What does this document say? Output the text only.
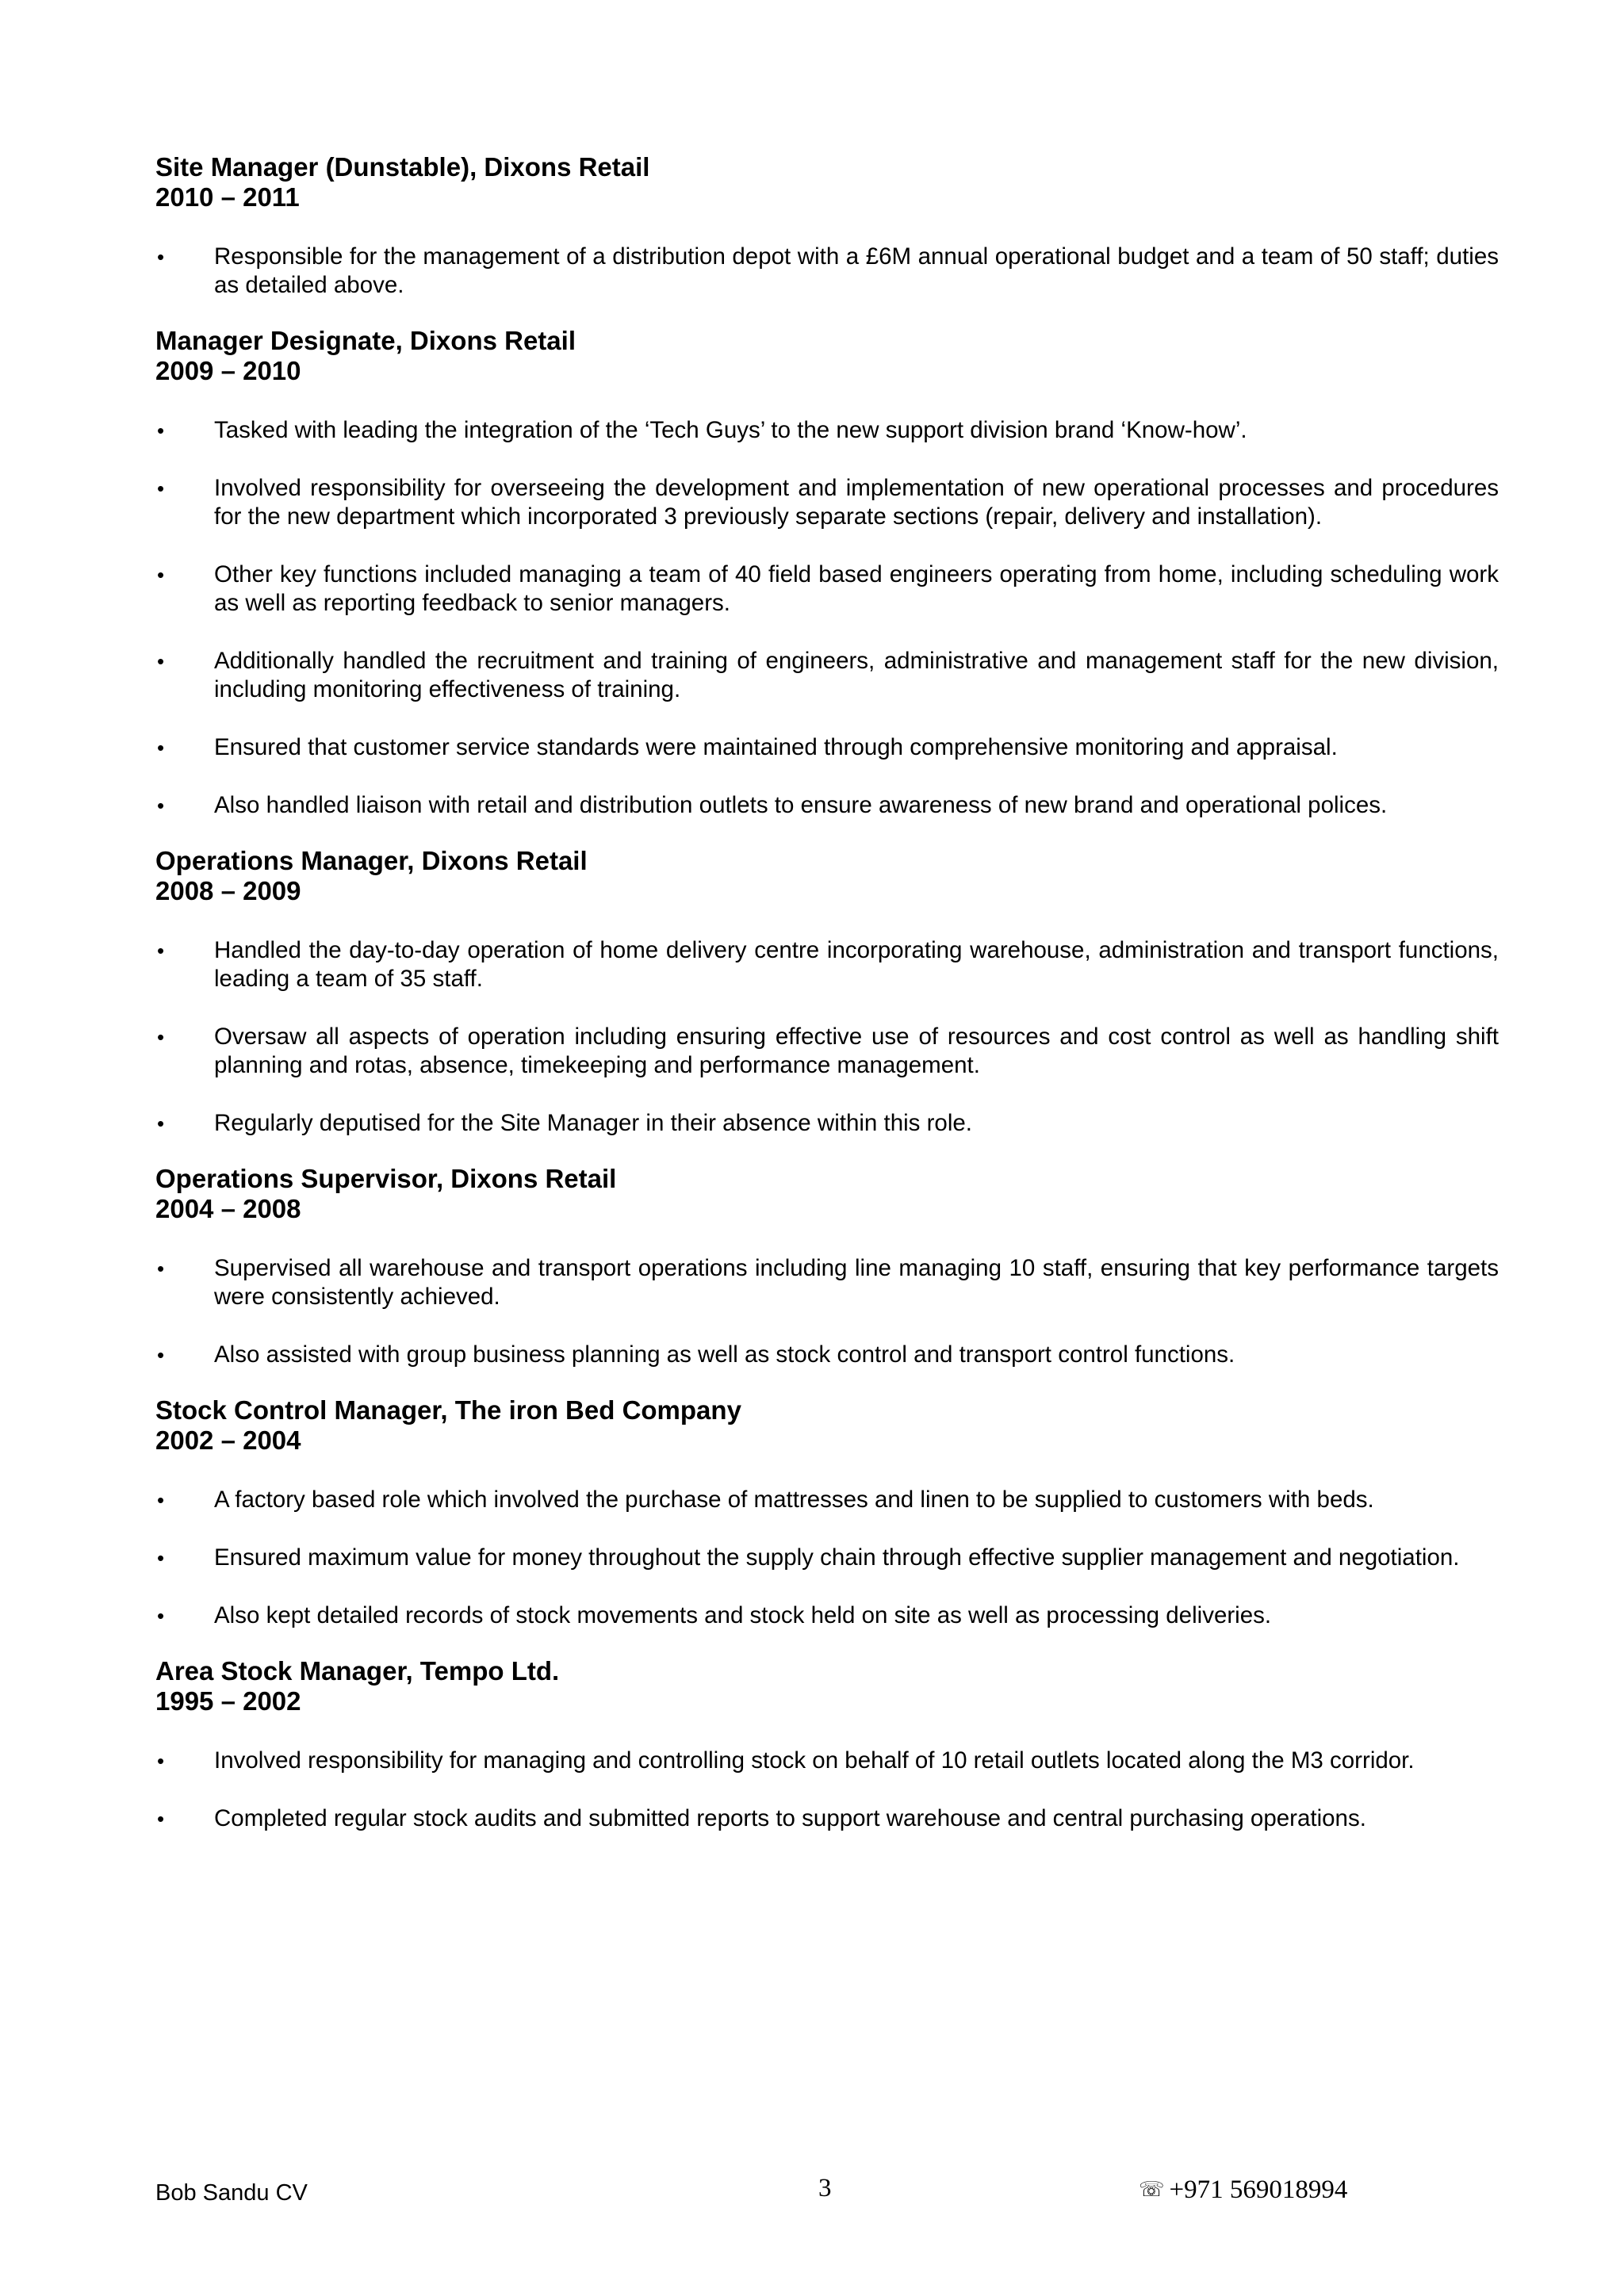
Site Manager (Dunstable), Dixons Retail

2010 – 2011

• Responsible for the management of a distribution depot with a £6M annual operational budget and a team of 50 staff; duties as detailed above.

Manager Designate, Dixons Retail

2009 – 2010

• Tasked with leading the integration of the ‘Tech Guys’ to the new support division brand ‘Know-how’.
• Involved responsibility for overseeing the development and implementation of new operational processes and procedures for the new department which incorporated 3 previously separate sections (repair, delivery and installation).
• Other key functions included managing a team of 40 field based engineers operating from home, including scheduling work as well as reporting feedback to senior managers.
• Additionally handled the recruitment and training of engineers, administrative and management staff for the new division, including monitoring effectiveness of training.
• Ensured that customer service standards were maintained through comprehensive monitoring and appraisal.
• Also handled liaison with retail and distribution outlets to ensure awareness of new brand and operational polices.

Operations Manager, Dixons Retail

2008 – 2009

• Handled the day-to-day operation of home delivery centre incorporating warehouse, administration and transport functions, leading a team of 35 staff.
• Oversaw all aspects of operation including ensuring effective use of resources and cost control as well as handling shift planning and rotas, absence, timekeeping and performance management.
• Regularly deputised for the Site Manager in their absence within this role.

Operations Supervisor, Dixons Retail

2004 – 2008

• Supervised all warehouse and transport operations including line managing 10 staff, ensuring that key performance targets were consistently achieved.
• Also assisted with group business planning as well as stock control and transport control functions.

Stock Control Manager, The iron Bed Company

2002 – 2004

• A factory based role which involved the purchase of mattresses and linen to be supplied to customers with beds.
• Ensured maximum value for money throughout the supply chain through effective supplier management and negotiation.
• Also kept detailed records of stock movements and stock held on site as well as processing deliveries.

Area Stock Manager, Tempo Ltd.

1995 – 2002

• Involved responsibility for managing and controlling stock on behalf of 10 retail outlets located along the M3 corridor.
• Completed regular stock audits and submitted reports to support warehouse and central purchasing operations.
Bob Sandu CV	3	☏ +971 569018994
